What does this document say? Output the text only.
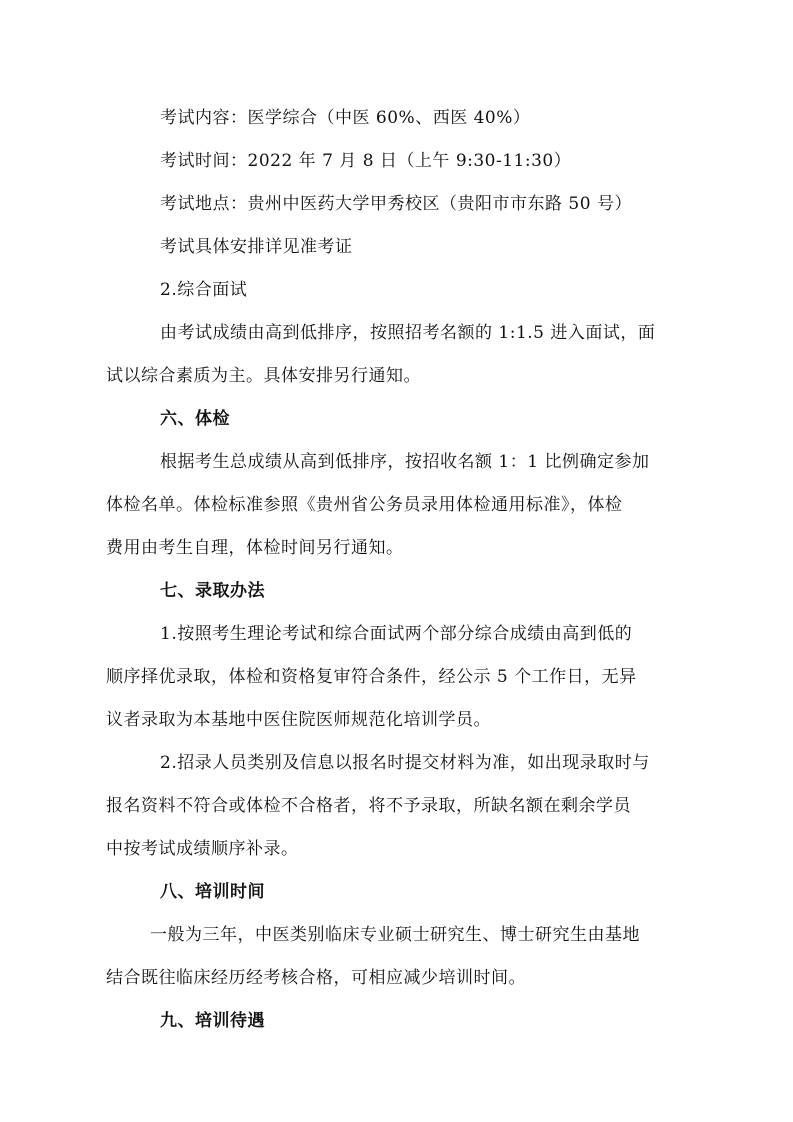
考试内容：医学综合（中医 60%、西医 40%）
考试时间：2022 年 7 月 8 日（上午 9:30-11:30）
考试地点：贵州中医药大学甲秀校区（贵阳市市东路 50 号）
考试具体安排详见准考证
2.综合面试
由考试成绩由高到低排序，按照招考名额的 1:1.5 进入面试，面
试以综合素质为主。具体安排另行通知。
六、体检
根据考生总成绩从高到低排序，按招收名额 1：1 比例确定参加
体检名单。体检标准参照《贵州省公务员录用体检通用标准》，体检
费用由考生自理，体检时间另行通知。
七、录取办法
1.按照考生理论考试和综合面试两个部分综合成绩由高到低的
顺序择优录取，体检和资格复审符合条件，经公示 5 个工作日，无异
议者录取为本基地中医住院医师规范化培训学员。
2.招录人员类别及信息以报名时提交材料为准，如出现录取时与
报名资料不符合或体检不合格者，将不予录取，所缺名额在剩余学员
中按考试成绩顺序补录。
八、培训时间
一般为三年，中医类别临床专业硕士研究生、博士研究生由基地
结合既往临床经历经考核合格，可相应减少培训时间。
九、培训待遇
